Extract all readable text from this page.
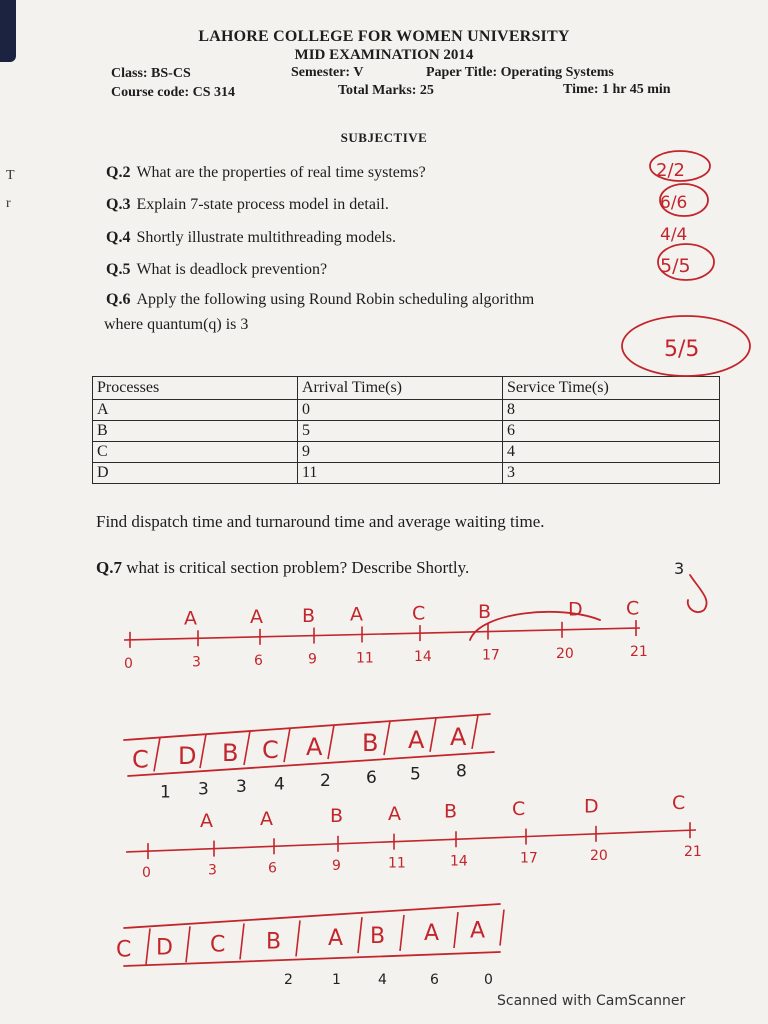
T
r
LAHORE COLLEGE FOR WOMEN UNIVERSITY
MID EXAMINATION 2014
Class: BS-CS	Semester: V	Paper Title: Operating Systems
Course code: CS 314	Total Marks: 25	Time: 1 hr 45 min
SUBJECTIVE
Q.2 What are the properties of real time systems?
Q.3 Explain 7-state process model in detail.
Q.4 Shortly illustrate multithreading models.
Q.5 What is deadlock prevention?
Q.6 Apply the following using Round Robin scheduling algorithm
where quantum(q) is 3
Processes	Arrival Time(s)	Service Time(s)
A	0	8
B	5	6
C	9	4
D	11	3
Find dispatch time and turnaround time and average waiting time.
Q.7 what is critical section problem? Describe Shortly.
2/2
6/6
4/4
5/5
5/5
3
0	3	6	9	11	14	17	20	21
A	A B A	C	B	D C
C D B C A B A A
1 3 3 4 2 6 5 8
0	3	6	9	11	14	17	20	21
A A	B A B	C	D	C
C D C B A B A A
2	1	4	6	0
Scanned with CamScanner
